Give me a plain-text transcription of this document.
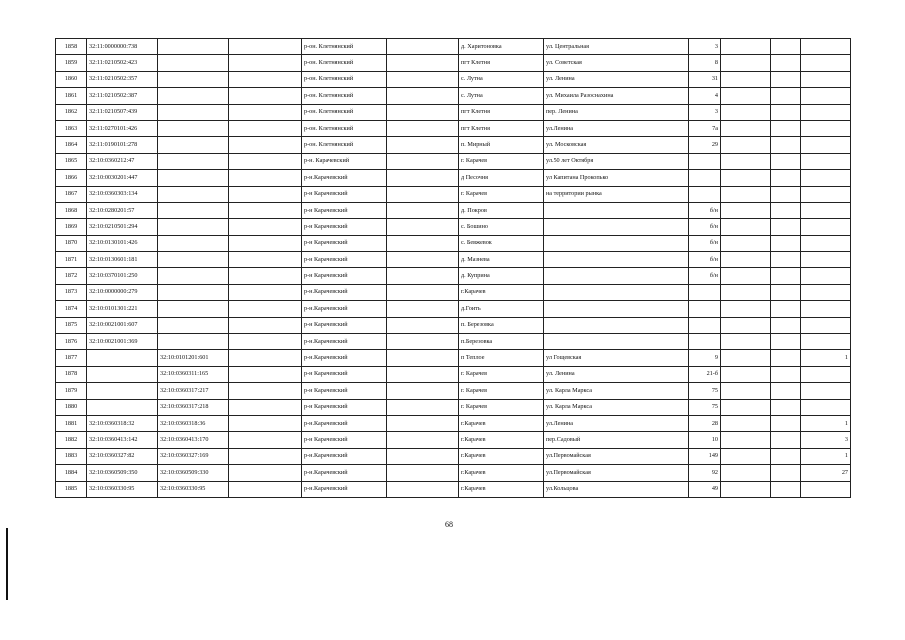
1858	32:11:0000000:738			р-он. Клетнянский		д. Харитоновка	ул. Центральная	3			
1859	32:11:0210502:423			р-он. Клетнянский		пгт Клетня	ул. Советская	8			
1860	32:11:0210502:357			р-он. Клетнянский		с. Лутна	ул. Ленина	31			
1861	32:11:0210502:387			р-он. Клетнянский		с. Лутна	ул. Михаила Разоснахина	4			
1862	32:11:0210507:439			р-он. Клетнянский		пгт Клетня	пер. Ленина	3			
1863	32:11:0270101:426			р-он. Клетнянский		пгт Клетня	ул.Ленина	7а			
1864	32:11:0190101:278			р-он. Клетнянский		п. Мирный	ул. Московская	29			
1865	32:10:0360212:47			р-н. Карачевский		г. Карачев	ул.50 лет Октября				
1866	32:10:0030201:447			р-н.Карачевский		д Песочня	ул Капитана Прокопько				
1867	32:10:0360303:134			р-н Карачевский		г. Карачев	на территории рынка				
1868	32:10:0280201:57			р-н Карачевский		д. Покров		б/н			
1869	32:10:0210501:294			р-н Карачевский		с. Бошино		б/н			
1870	32:10:0130101:426			р-н Карачевский		с. Бевжевок		б/н			
1871	32:10:0130601:181			р-н Карачевский		д. Мазнева		б/н			
1872	32:10:0370101:250			р-н Карачевский		д. Куприна		б/н			
1873	32:10:0000000:279			р-н.Карачевский		г.Карачев					
1874	32:10:0101301:221			р-н.Карачевский		д.Гоить					
1875	32:10:0021001:607			р-н Карачевский		п. Березовка					
1876	32:10:0021001:369			р-н.Карачевский		п.Березовка					
1877		32:10:0101201:601		р-н.Карачевский		п Теплое	ул Гощевская	9			1
1878		32:10:0360311:165		р-н Карачевский		г. Карачев	ул. Ленина	21-б			
1879		32:10:0360317:217		р-н Карачевский		г. Карачев	ул. Карла Маркса	75			
1880		32:10:0360317:218		р-н Карачевский		г. Карачев	ул. Карла Маркса	75			
1881	32:10:0360318:32	32:10:0360318:36		р-н.Карачевский		г.Карачев	ул.Ленина	28			1
1882	32:10:0360413:142	32:10:0360413:170		р-н Карачевский		г.Карачев	пер.Садовый	10			3
1883	32:10:0360327:82	32:10:0360327:169		р-н.Карачевский		г.Карачев	ул.Первомайская	149			1
1884	32:10:0360509:350	32:10:0360509:330		р-н.Карачевский		г.Карачев	ул.Первомайская	92			27
1885	32:10:0360330:95	32:10:0360330:95		р-н.Карачевский		г.Карачев	ул.Кольцова	49			
68
